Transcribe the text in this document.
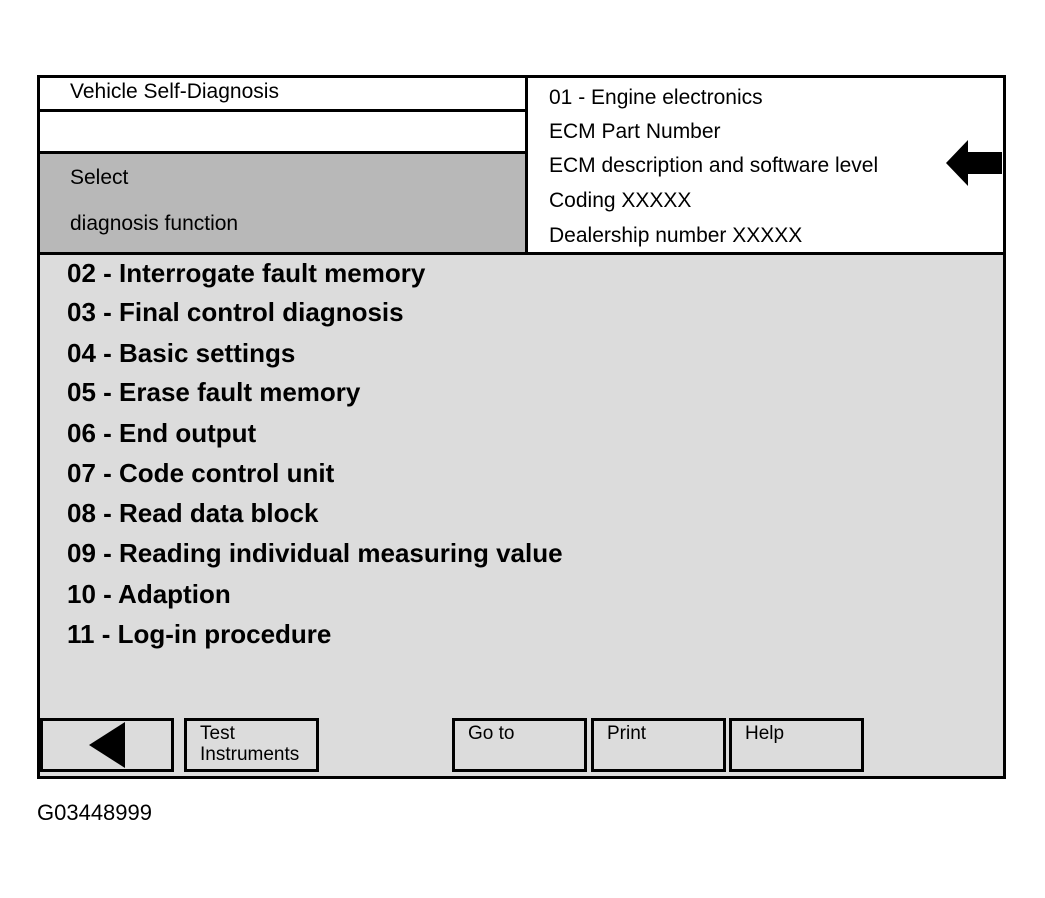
Vehicle Self-Diagnosis
Select
diagnosis function
01 - Engine electronics
ECM Part Number
ECM description and software level
Coding XXXXX
Dealership number XXXXX
02 - Interrogate fault memory
03 - Final control diagnosis
04 - Basic settings
05 - Erase fault memory
06 - End output
07 - Code control unit
08 - Read data block
09 - Reading individual measuring value
10 - Adaption
11 - Log-in procedure
Test
Instruments
Go to	Print	Help
G03448999
